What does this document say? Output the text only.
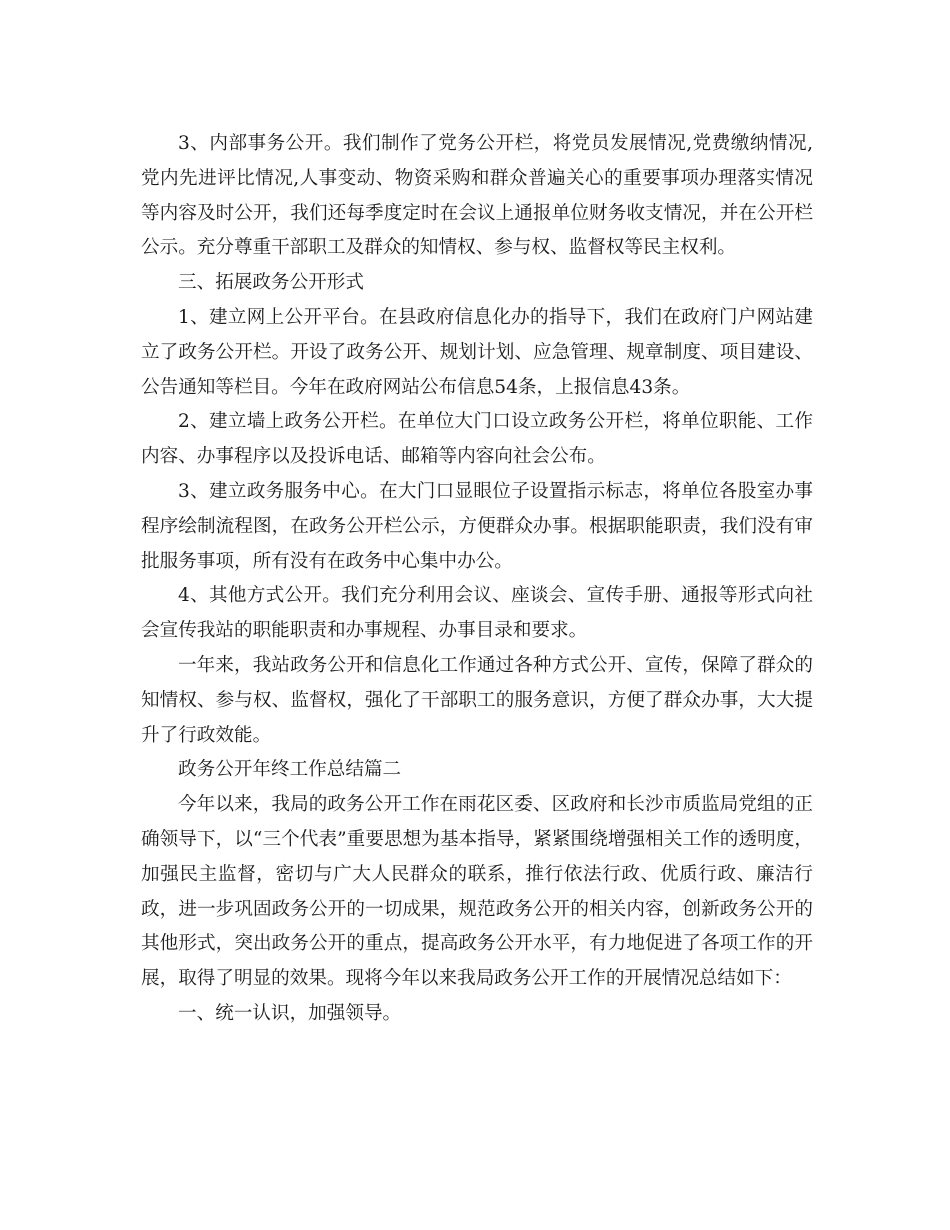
3、内部事务公开。我们制作了党务公开栏，将党员发展情况,党费缴纳情况,党内先进评比情况,人事变动、物资采购和群众普遍关心的重要事项办理落实情况等内容及时公开，我们还每季度定时在会议上通报单位财务收支情况，并在公开栏公示。充分尊重干部职工及群众的知情权、参与权、监督权等民主权利。

三、拓展政务公开形式

1、建立网上公开平台。在县政府信息化办的指导下，我们在政府门户网站建立了政务公开栏。开设了政务公开、规划计划、应急管理、规章制度、项目建设、公告通知等栏目。今年在政府网站公布信息54条，上报信息43条。

2、建立墙上政务公开栏。在单位大门口设立政务公开栏，将单位职能、工作内容、办事程序以及投诉电话、邮箱等内容向社会公布。

3、建立政务服务中心。在大门口显眼位子设置指示标志，将单位各股室办事程序绘制流程图，在政务公开栏公示，方便群众办事。根据职能职责，我们没有审批服务事项，所有没有在政务中心集中办公。

4、其他方式公开。我们充分利用会议、座谈会、宣传手册、通报等形式向社会宣传我站的职能职责和办事规程、办事目录和要求。

一年来，我站政务公开和信息化工作通过各种方式公开、宣传，保障了群众的知情权、参与权、监督权，强化了干部职工的服务意识，方便了群众办事，大大提升了行政效能。

政务公开年终工作总结篇二

今年以来，我局的政务公开工作在雨花区委、区政府和长沙市质监局党组的正确领导下，以“三个代表”重要思想为基本指导，紧紧围绕增强相关工作的透明度，加强民主监督，密切与广大人民群众的联系，推行依法行政、优质行政、廉洁行政，进一步巩固政务公开的一切成果，规范政务公开的相关内容，创新政务公开的其他形式，突出政务公开的重点，提高政务公开水平，有力地促进了各项工作的开展，取得了明显的效果。现将今年以来我局政务公开工作的开展情况总结如下：

一、统一认识，加强领导。
